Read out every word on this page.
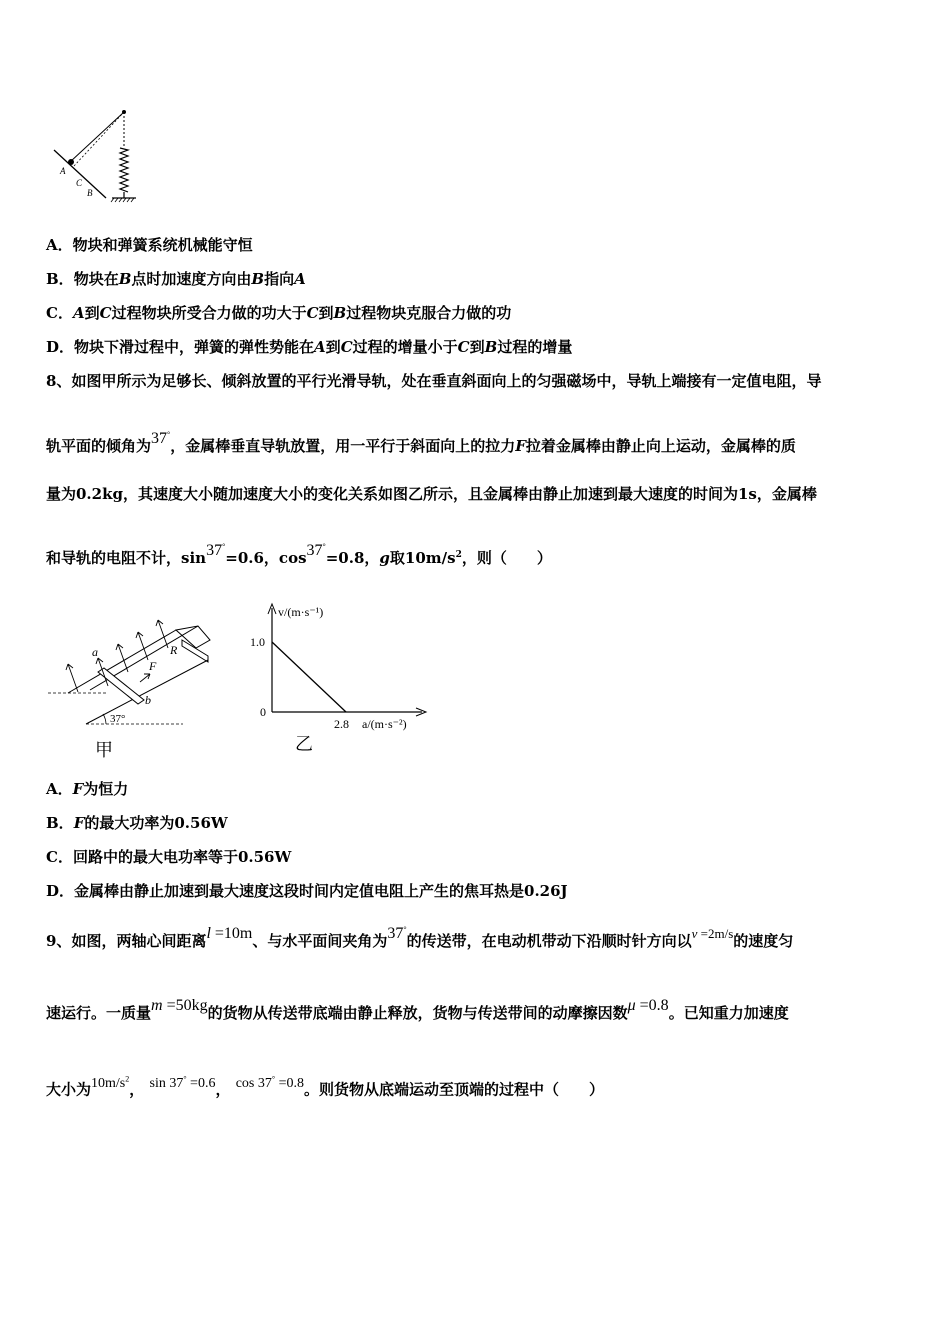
A
C
B
A．物块和弹簧系统机械能守恒
B．物块在B点时加速度方向由B指向A
C．A到C过程物块所受合力做的功大于C到B过程物块克服合力做的功
D．物块下滑过程中，弹簧的弹性势能在A到C过程的增量小于C到B过程的增量
8、如图甲所示为足够长、倾斜放置的平行光滑导轨，处在垂直斜面向上的匀强磁场中，导轨上端接有一定值电阻，导
轨平面的倾角为37°，金属棒垂直导轨放置，用一平行于斜面向上的拉力F拉着金属棒由静止向上运动，金属棒的质
量为0.2kg，其速度大小随加速度大小的变化关系如图乙所示，且金属棒由静止加速到最大速度的时间为1s，金属棒
和导轨的电阻不计，sin37°=0.6，cos37°=0.8，g取$10m/s^2$，则（　　）
a
F
R
b
37°
甲
v/(m·s⁻¹)
a/(m·s⁻²)
1.0
0
2.8
乙
A．F为恒力
B．F的最大功率为0.56W
C．回路中的最大电功率等于0.56W
D．金属棒由静止加速到最大速度这段时间内定值电阻上产生的焦耳热是0.26J
9、如图，两轴心间距离l =10m、与水平面间夹角为37°的传送带，在电动机带动下沿顺时针方向以v =2m/s的速度匀
速运行。一质量m =50kg的货物从传送带底端由静止释放，货物与传送带间的动摩擦因数μ =0.8。已知重力加速度
大小为$10m/s^2$， sin 37° =0.6， cos 37° =0.8。则货物从底端运动至顶端的过程中（　　）
